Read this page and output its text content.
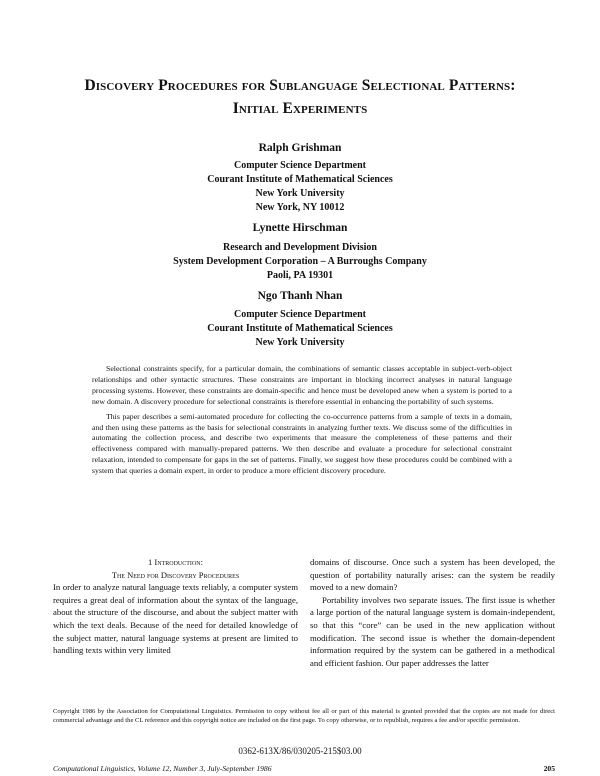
Discovery Procedures for Sublanguage Selectional Patterns:
Initial Experiments
Ralph Grishman
Computer Science Department
Courant Institute of Mathematical Sciences
New York University
New York, NY 10012
Lynette Hirschman
Research and Development Division
System Development Corporation – A Burroughs Company
Paoli, PA 19301
Ngo Thanh Nhan
Computer Science Department
Courant Institute of Mathematical Sciences
New York University

Selectional constraints specify, for a particular domain, the combinations of semantic classes acceptable in subject-verb-object relationships and other syntactic structures. These constraints are important in blocking incorrect analyses in natural language processing systems. However, these constraints are domain-specific and hence must be developed anew when a system is ported to a new domain. A discovery procedure for selectional constraints is therefore essential in enhancing the portability of such systems.

This paper describes a semi-automated procedure for collecting the co-occurrence patterns from a sample of texts in a domain, and then using these patterns as the basis for selectional constraints in analyzing further texts. We discuss some of the difficulties in automating the collection process, and describe two experiments that measure the completeness of these patterns and their effectiveness compared with manually-prepared patterns. We then describe and evaluate a procedure for selectional constraint relaxation, intended to compensate for gaps in the set of patterns. Finally, we suggest how these procedures could be combined with a system that queries a domain expert, in order to produce a more efficient discovery procedure.

1 Introduction:

The Need for Discovery Procedures

In order to analyze natural language texts reliably, a computer system requires a great deal of information about the syntax of the language, about the structure of the discourse, and about the subject matter with which the text deals. Because of the need for detailed knowledge of the subject matter, natural language systems at present are limited to handling texts within very limited

domains of discourse. Once such a system has been developed, the question of portability naturally arises: can the system be readily moved to a new domain?

Portability involves two separate issues. The first issue is whether a large portion of the natural language system is domain-independent, so that this “core” can be used in the new application without modification. The second issue is whether the domain-dependent information required by the system can be gathered in a methodical and efficient fashion. Our paper addresses the latter

Copyright 1986 by the Association for Computational Linguistics. Permission to copy without fee all or part of this material is granted provided that the copies are not made for direct commercial advantage and the CL reference and this copyright notice are included on the first page. To copy otherwise, or to republish, requires a fee and/or specific permission.
0362-613X/86/030205-215$03.00
Computational Linguistics, Volume 12, Number 3, July-September 1986	205
